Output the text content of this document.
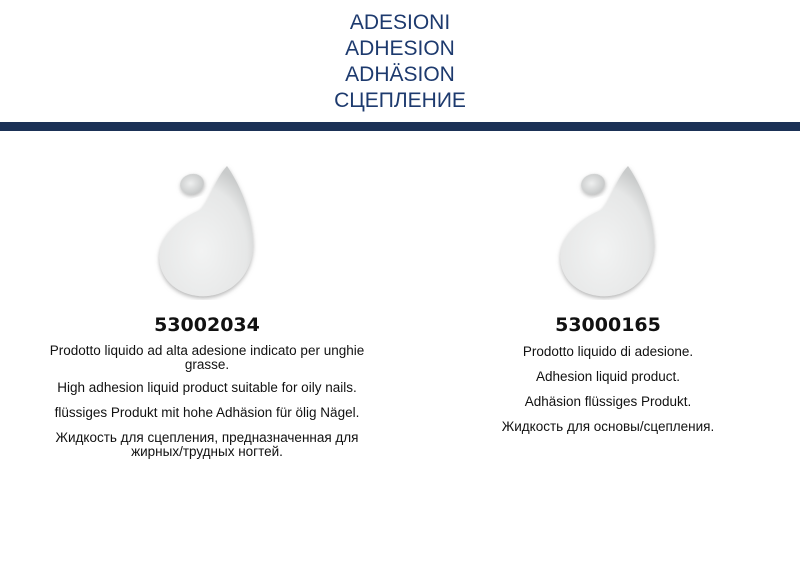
ADESIONI
ADHESION
ADHÄSION
СЦЕПЛЕНИЕ
53002034
Prodotto liquido ad alta adesione indicato per unghie grasse.
High adhesion liquid product suitable for oily nails.
flüssiges Produkt mit hohe Adhäsion für ölig Nägel.
Жидкость для сцепления, предназначенная для жирных/трудных ногтей.
53000165
Prodotto liquido di adesione.
Adhesion liquid product.
Adhäsion flüssiges Produkt.
Жидкость для основы/сцепления.
